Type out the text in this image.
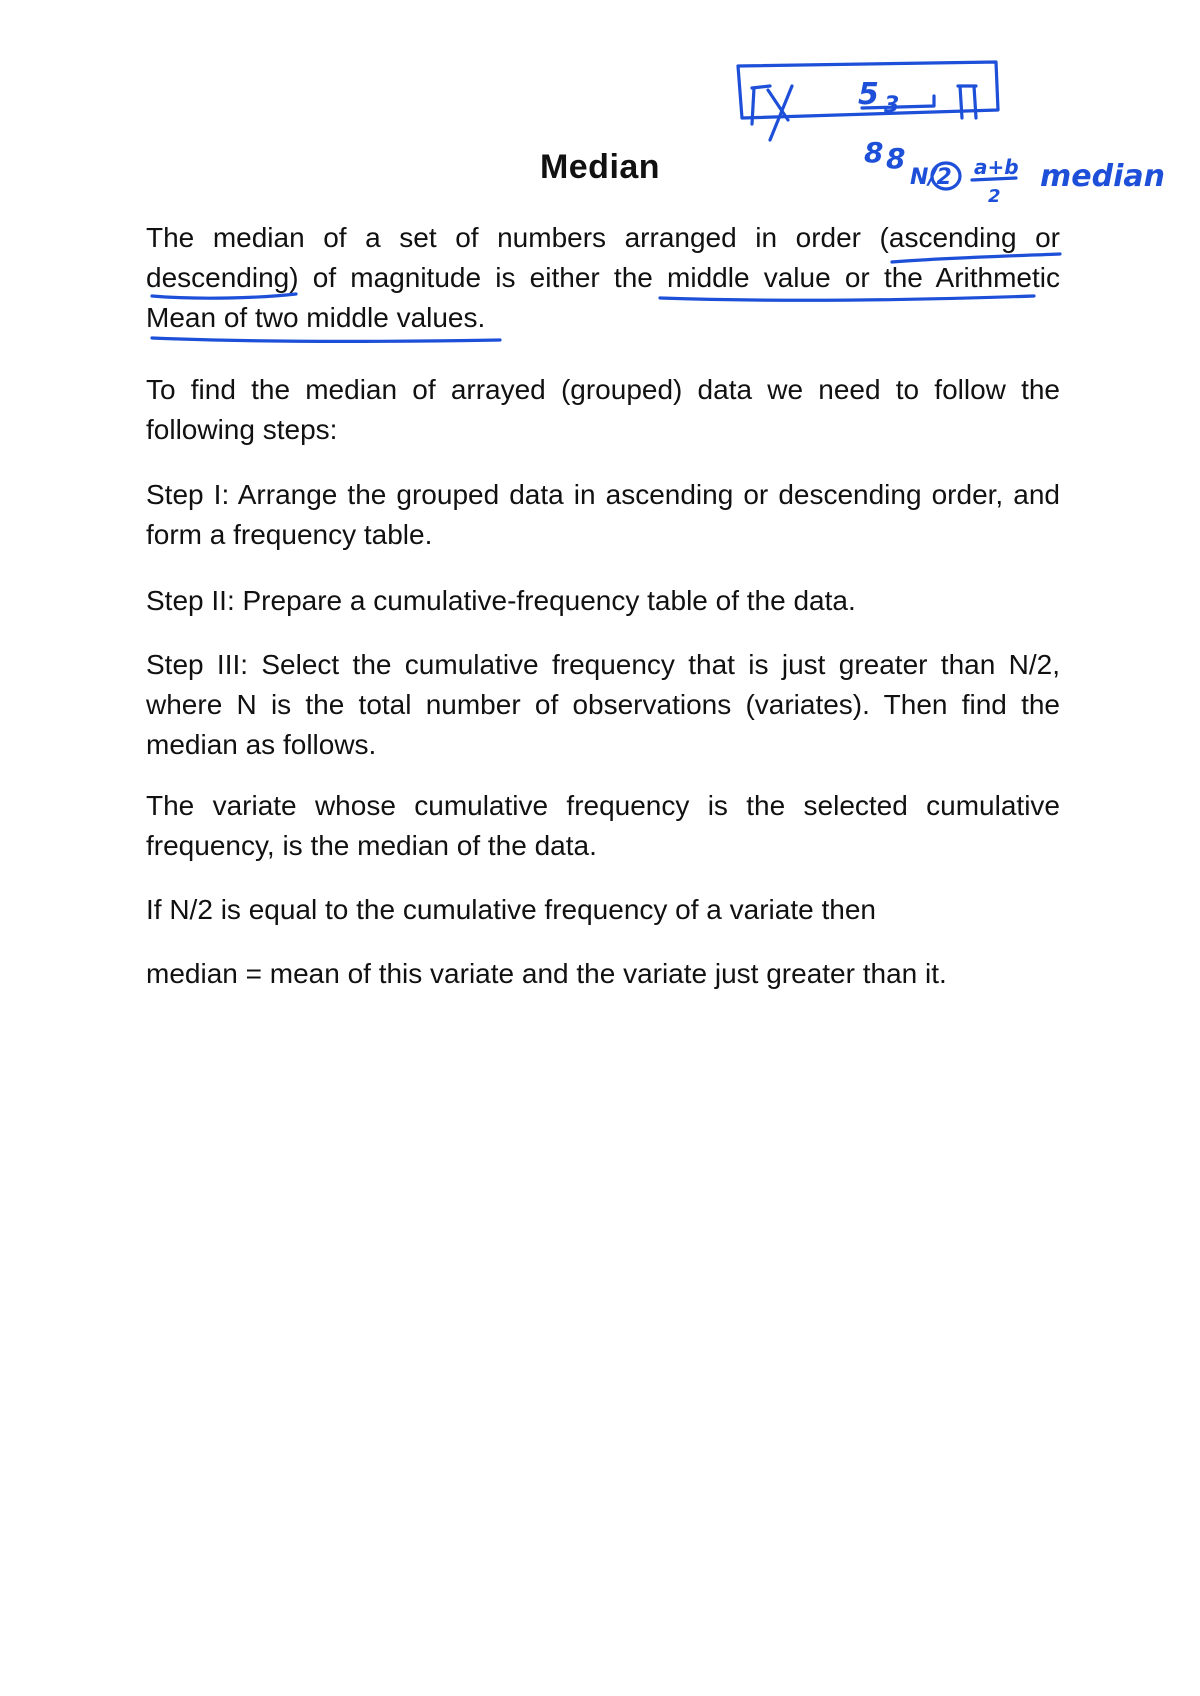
Median

The median of a set of numbers arranged in order (ascending or descending) of magnitude is either the middle value or the Arithmetic Mean of two middle values.

To find the median of arrayed (grouped) data we need to follow the following steps:

Step I: Arrange the grouped data in ascending or descending order, and form a frequency table.

Step II: Prepare a cumulative-frequency table of the data.

Step III: Select the cumulative frequency that is just greater than N/2, where N is the total number of observations (variates). Then find the median as follows.

The variate whose cumulative frequency is the selected cumulative frequency, is the median of the data.

If N/2 is equal to the cumulative frequency of a variate then

median = mean of this variate and the variate just greater than it.

5 3
8 8
N/2 a+b
2
median
